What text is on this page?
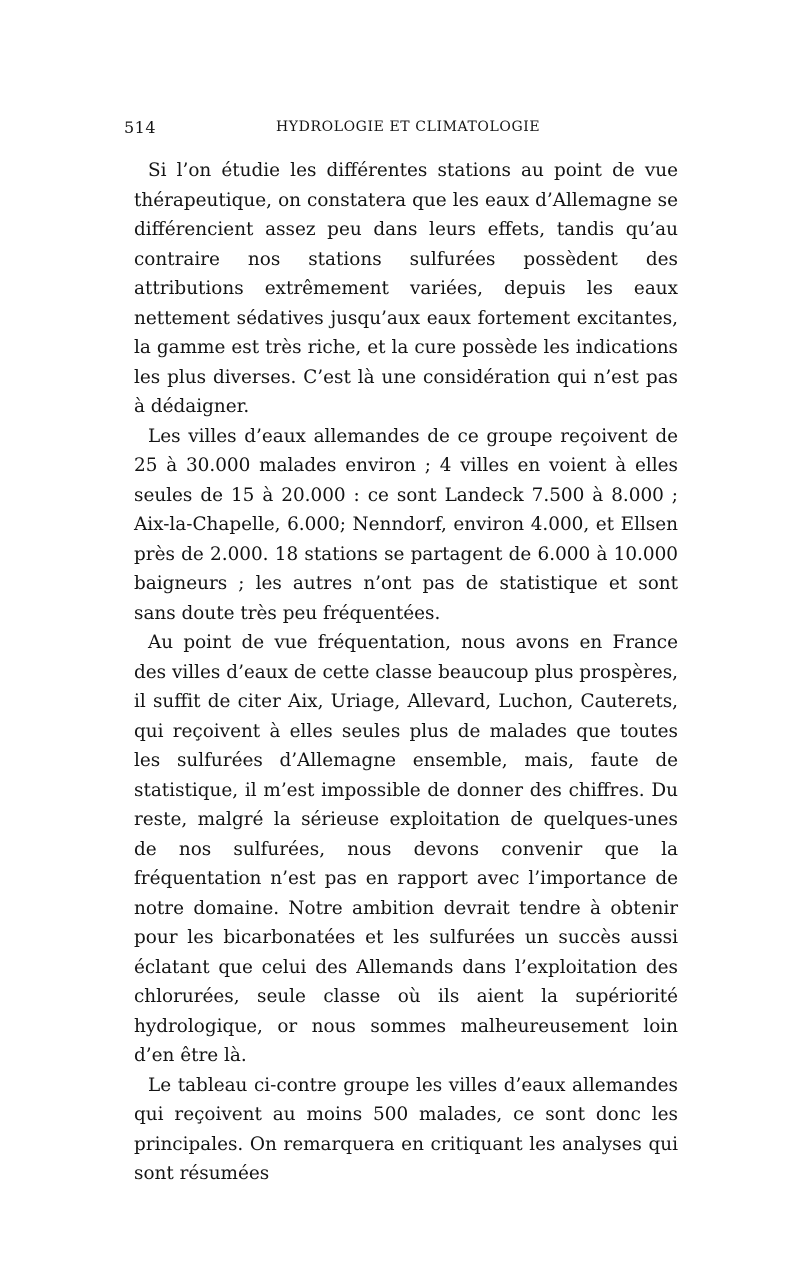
514	HYDROLOGIE ET CLIMATOLOGIE

Si l’on étudie les différentes stations au point de vue thérapeutique, on constatera que les eaux d’Allemagne se différencient assez peu dans leurs effets, tandis qu’au contraire nos stations sulfurées possèdent des attributions extrêmement variées, depuis les eaux nettement sédatives jusqu’aux eaux fortement excitantes, la gamme est très riche, et la cure possède les indications les plus diverses. C’est là une considération qui n’est pas à dédaigner.

Les villes d’eaux allemandes de ce groupe reçoivent de 25 à 30.000 malades environ ; 4 villes en voient à elles seules de 15 à 20.000 : ce sont Landeck 7.500 à 8.000 ; Aix-la-Chapelle, 6.000; Nenndorf, environ 4.000, et Ellsen près de 2.000. 18 stations se partagent de 6.000 à 10.000 baigneurs ; les autres n’ont pas de statistique et sont sans doute très peu fréquentées.

Au point de vue fréquentation, nous avons en France des villes d’eaux de cette classe beaucoup plus prospères, il suffit de citer Aix, Uriage, Allevard, Luchon, Cauterets, qui reçoivent à elles seules plus de malades que toutes les sulfurées d’Allemagne ensemble, mais, faute de statistique, il m’est impossible de donner des chiffres. Du reste, malgré la sérieuse exploitation de quelques-unes de nos sulfurées, nous devons convenir que la fréquentation n’est pas en rapport avec l’importance de notre domaine. Notre ambition devrait tendre à obtenir pour les bicarbonatées et les sulfurées un succès aussi éclatant que celui des Allemands dans l’exploitation des chlorurées, seule classe où ils aient la supériorité hydrologique, or nous sommes malheureusement loin d’en être là.

Le tableau ci-contre groupe les villes d’eaux allemandes qui reçoivent au moins 500 malades, ce sont donc les principales. On remarquera en critiquant les analyses qui sont résumées
